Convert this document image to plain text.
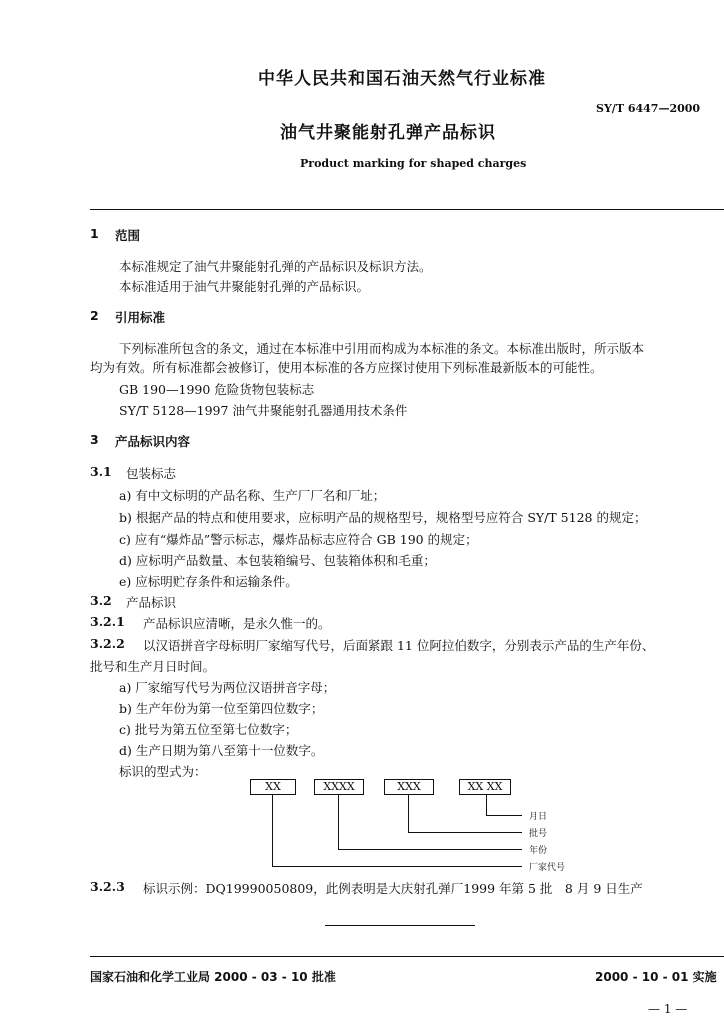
中华人民共和国石油天然气行业标准
SY/T 6447—2000
油气井聚能射孔弹产品标识
Product marking for shaped charges
1 范围
本标准规定了油气井聚能射孔弹的产品标识及标识方法。
本标准适用于油气井聚能射孔弹的产品标识。
2 引用标准
下列标准所包含的条文，通过在本标准中引用而构成为本标准的条文。本标准出版时，所示版本
均为有效。所有标准都会被修订，使用本标准的各方应探讨使用下列标准最新版本的可能性。
GB 190—1990 危险货物包装标志
SY/T 5128—1997 油气井聚能射孔器通用技术条件
3 产品标识内容
3.1 包装标志
a) 有中文标明的产品名称、生产厂厂名和厂址；
b) 根据产品的特点和使用要求，应标明产品的规格型号，规格型号应符合 SY/T 5128 的规定；
c) 应有“爆炸品”警示标志，爆炸品标志应符合 GB 190 的规定；
d) 应标明产品数量、本包装箱编号、包装箱体积和毛重；
e) 应标明贮存条件和运输条件。
3.2 产品标识
3.2.1 产品标识应清晰，是永久惟一的。
3.2.2 以汉语拼音字母标明厂家缩写代号，后面紧跟 11 位阿拉伯数字，分别表示产品的生产年份、
批号和生产月日时间。
a) 厂家缩写代号为两位汉语拼音字母；
b) 生产年份为第一位至第四位数字；
c) 批号为第五位至第七位数字；
d) 生产日期为第八至第十一位数字。
标识的型式为：
XX	XXXX	XXX	XX XX
月日
批号
年份
厂家代号
3.2.3 标识示例：DQ19990050809，此例表明是大庆射孔弹厂1999 年第 5 批　8 月 9 日生产
国家石油和化学工业局 2000 - 03 - 10 批准	2000 - 10 - 01 实施
— 1 —
